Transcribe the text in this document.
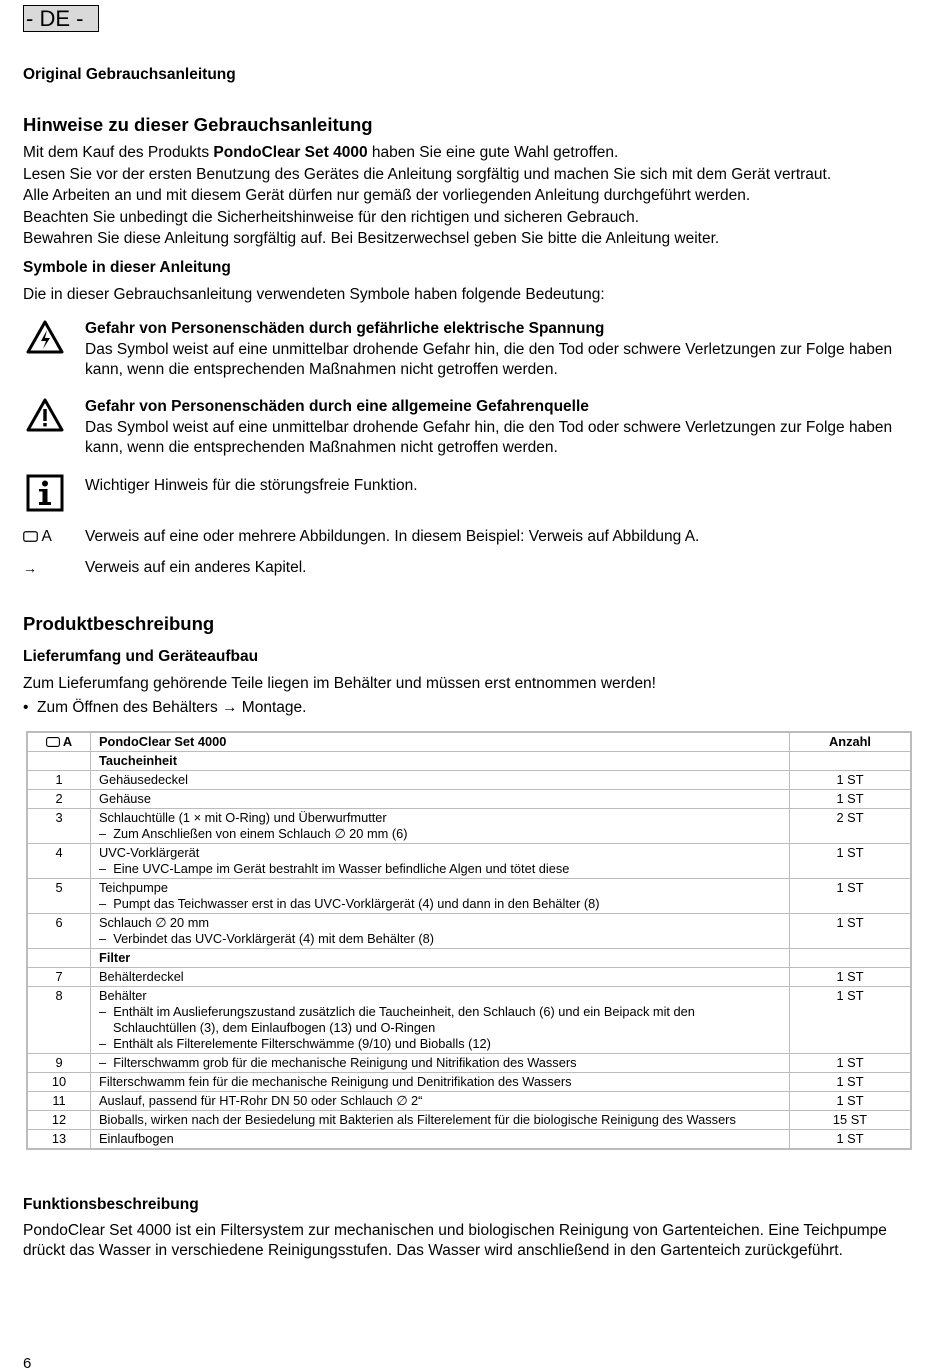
- DE -
Original Gebrauchsanleitung
Hinweise zu dieser Gebrauchsanleitung
Mit dem Kauf des Produkts PondoClear Set 4000 haben Sie eine gute Wahl getroffen.
Lesen Sie vor der ersten Benutzung des Gerätes die Anleitung sorgfältig und machen Sie sich mit dem Gerät vertraut.
Alle Arbeiten an und mit diesem Gerät dürfen nur gemäß der vorliegenden Anleitung durchgeführt werden.
Beachten Sie unbedingt die Sicherheitshinweise für den richtigen und sicheren Gebrauch.
Bewahren Sie diese Anleitung sorgfältig auf. Bei Besitzerwechsel geben Sie bitte die Anleitung weiter.
Symbole in dieser Anleitung
Die in dieser Gebrauchsanleitung verwendeten Symbole haben folgende Bedeutung:
Gefahr von Personenschäden durch gefährliche elektrische Spannung
Das Symbol weist auf eine unmittelbar drohende Gefahr hin, die den Tod oder schwere Verletzungen zur Folge haben kann, wenn die entsprechenden Maßnahmen nicht getroffen werden.
Gefahr von Personenschäden durch eine allgemeine Gefahrenquelle
Das Symbol weist auf eine unmittelbar drohende Gefahr hin, die den Tod oder schwere Verletzungen zur Folge haben kann, wenn die entsprechenden Maßnahmen nicht getroffen werden.
Wichtiger Hinweis für die störungsfreie Funktion.
A	Verweis auf eine oder mehrere Abbildungen. In diesem Beispiel: Verweis auf Abbildung A.
→	Verweis auf ein anderes Kapitel.
Produktbeschreibung
Lieferumfang und Geräteaufbau
Zum Lieferumfang gehörende Teile liegen im Behälter und müssen erst entnommen werden!
•  Zum Öffnen des Behälters → Montage.
A	PondoClear Set 4000	Anzahl
	Taucheinheit	
1	Gehäusedeckel	1 ST
2	Gehäuse	1 ST
3	Schlauchtülle (1 × mit O-Ring) und Überwurfmutter
–  Zum Anschließen von einem Schlauch ∅ 20 mm (6)	2 ST
4	UVC-Vorklärgerät
–  Eine UVC-Lampe im Gerät bestrahlt im Wasser befindliche Algen und tötet diese	1 ST
5	Teichpumpe
–  Pumpt das Teichwasser erst in das UVC-Vorklärgerät (4) und dann in den Behälter (8)	1 ST
6	Schlauch ∅ 20 mm
–  Verbindet das UVC-Vorklärgerät (4) mit dem Behälter (8)	1 ST
	Filter	
7	Behälterdeckel	1 ST
8	Behälter
–  Enthält im Auslieferungszustand zusätzlich die Taucheinheit, den Schlauch (6) und ein Beipack mit den Schlauchtüllen (3), dem Einlaufbogen (13) und O-Ringen
–  Enthält als Filterelemente Filterschwämme (9/10) und Bioballs (12)	1 ST
9	–  Filterschwamm grob für die mechanische Reinigung und Nitrifikation des Wassers	1 ST
10	Filterschwamm fein für die mechanische Reinigung und Denitrifikation des Wassers	1 ST
11	Auslauf, passend für HT-Rohr DN 50 oder Schlauch ∅ 2“	1 ST
12	Bioballs, wirken nach der Besiedelung mit Bakterien als Filterelement für die biologische Reinigung des Wassers	15 ST
13	Einlaufbogen	1 ST
Funktionsbeschreibung
PondoClear Set 4000 ist ein Filtersystem zur mechanischen und biologischen Reinigung von Gartenteichen. Eine Teichpumpe drückt das Wasser in verschiedene Reinigungsstufen. Das Wasser wird anschließend in den Gartenteich zurückgeführt.
6
